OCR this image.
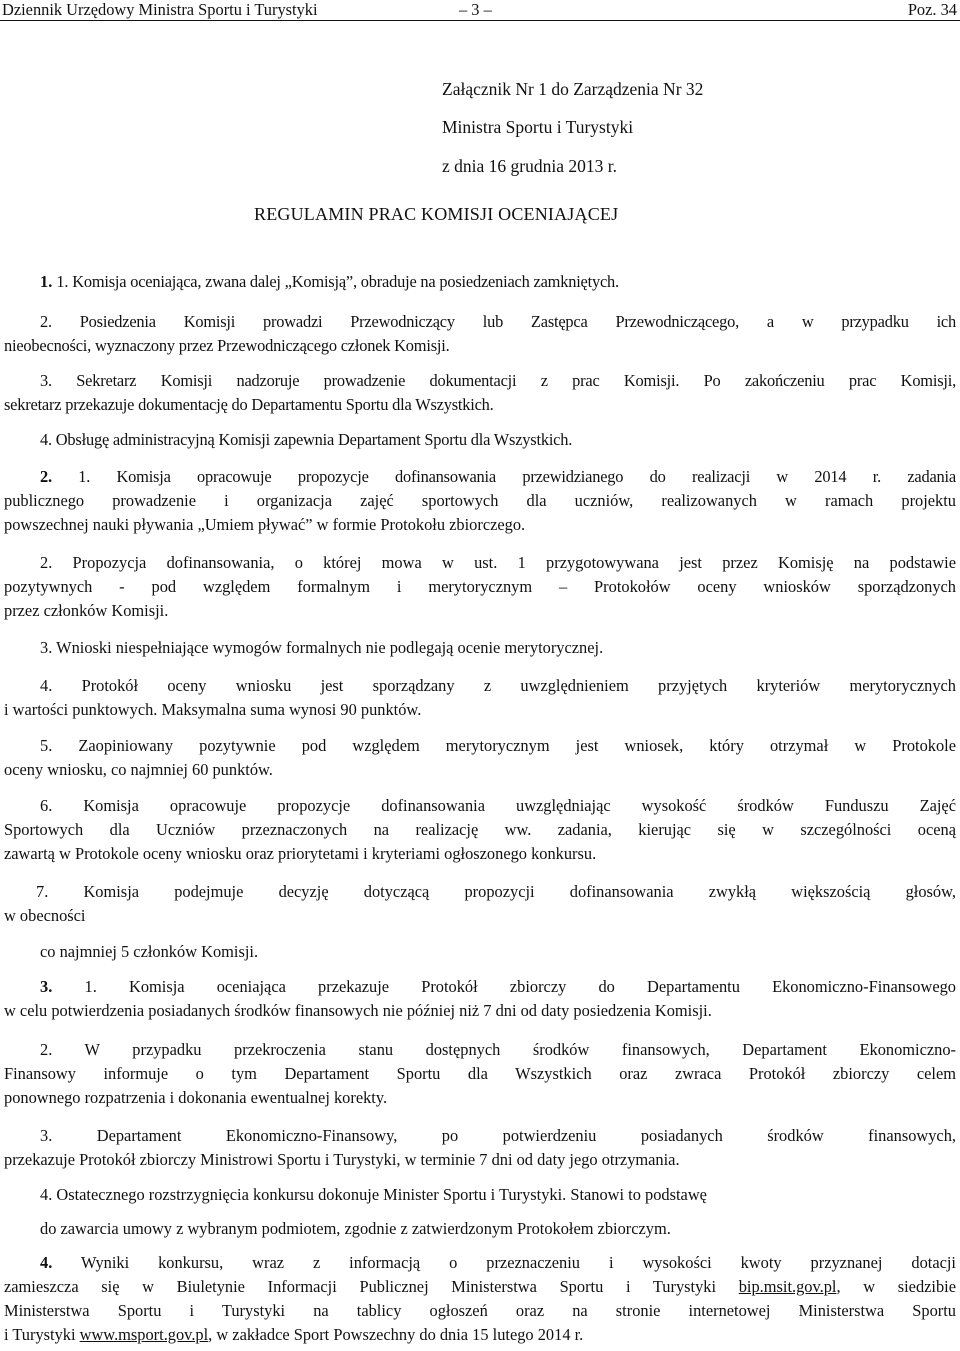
Dziennik Urzędowy Ministra Sportu i Turystyki	– 3 –	Poz. 34
Załącznik Nr 1 do Zarządzenia Nr 32
Ministra Sportu i Turystyki
z dnia 16 grudnia 2013 r.
REGULAMIN PRAC KOMISJI OCENIAJĄCEJ
1. 1. Komisja oceniająca, zwana dalej „Komisją”, obraduje na posiedzeniach zamkniętych.
2. Posiedzenia Komisji prowadzi Przewodniczący lub Zastępca Przewodniczącego, a w przypadku ich
nieobecności, wyznaczony przez Przewodniczącego członek Komisji.
3. Sekretarz Komisji nadzoruje prowadzenie dokumentacji z prac Komisji. Po zakończeniu prac Komisji,
sekretarz przekazuje dokumentację do Departamentu Sportu dla Wszystkich.
4. Obsługę administracyjną Komisji zapewnia Departament Sportu dla Wszystkich.
2. 1. Komisja opracowuje propozycje dofinansowania przewidzianego do realizacji w 2014 r. zadania
publicznego prowadzenie i organizacja zajęć sportowych dla uczniów, realizowanych w ramach projektu
powszechnej nauki pływania „Umiem pływać” w formie Protokołu zbiorczego.
2. Propozycja dofinansowania, o której mowa w ust. 1 przygotowywana jest przez Komisję na podstawie
pozytywnych - pod względem formalnym i merytorycznym – Protokołów oceny wniosków sporządzonych
przez członków Komisji.
3. Wnioski niespełniające wymogów formalnych nie podlegają ocenie merytorycznej.
4. Protokół oceny wniosku jest sporządzany z uwzględnieniem przyjętych kryteriów merytorycznych
i wartości punktowych. Maksymalna suma wynosi 90 punktów.
5. Zaopiniowany pozytywnie pod względem merytorycznym jest wniosek, który otrzymał w Protokole
oceny wniosku, co najmniej 60 punktów.
6. Komisja opracowuje propozycje dofinansowania uwzględniając wysokość środków Funduszu Zajęć
Sportowych dla Uczniów przeznaczonych na realizację ww. zadania, kierując się w szczególności oceną
zawartą w Protokole oceny wniosku oraz priorytetami i kryteriami ogłoszonego konkursu.
7. Komisja podejmuje decyzję dotyczącą propozycji dofinansowania zwykłą większością głosów,
w obecności
co najmniej 5 członków Komisji.
3. 1. Komisja oceniająca przekazuje Protokół zbiorczy do Departamentu Ekonomiczno-Finansowego
w celu potwierdzenia posiadanych środków finansowych nie później niż 7 dni od daty posiedzenia Komisji.
2. W przypadku przekroczenia stanu dostępnych środków finansowych, Departament Ekonomiczno-
Finansowy informuje o tym Departament Sportu dla Wszystkich oraz zwraca Protokół zbiorczy celem
ponownego rozpatrzenia i dokonania ewentualnej korekty.
3. Departament Ekonomiczno-Finansowy, po potwierdzeniu posiadanych środków finansowych,
przekazuje Protokół zbiorczy Ministrowi Sportu i Turystyki, w terminie 7 dni od daty jego otrzymania.
4. Ostatecznego rozstrzygnięcia konkursu dokonuje Minister Sportu i Turystyki. Stanowi to podstawę
do zawarcia umowy z wybranym podmiotem, zgodnie z zatwierdzonym Protokołem zbiorczym.
4. Wyniki konkursu, wraz z informacją o przeznaczeniu i wysokości kwoty przyznanej dotacji
zamieszcza się w Biuletynie Informacji Publicznej Ministerstwa Sportu i Turystyki bip.msit.gov.pl, w siedzibie
Ministerstwa Sportu i Turystyki na tablicy ogłoszeń oraz na stronie internetowej Ministerstwa Sportu
i Turystyki www.msport.gov.pl, w zakładce Sport Powszechny do dnia 15 lutego 2014 r.
